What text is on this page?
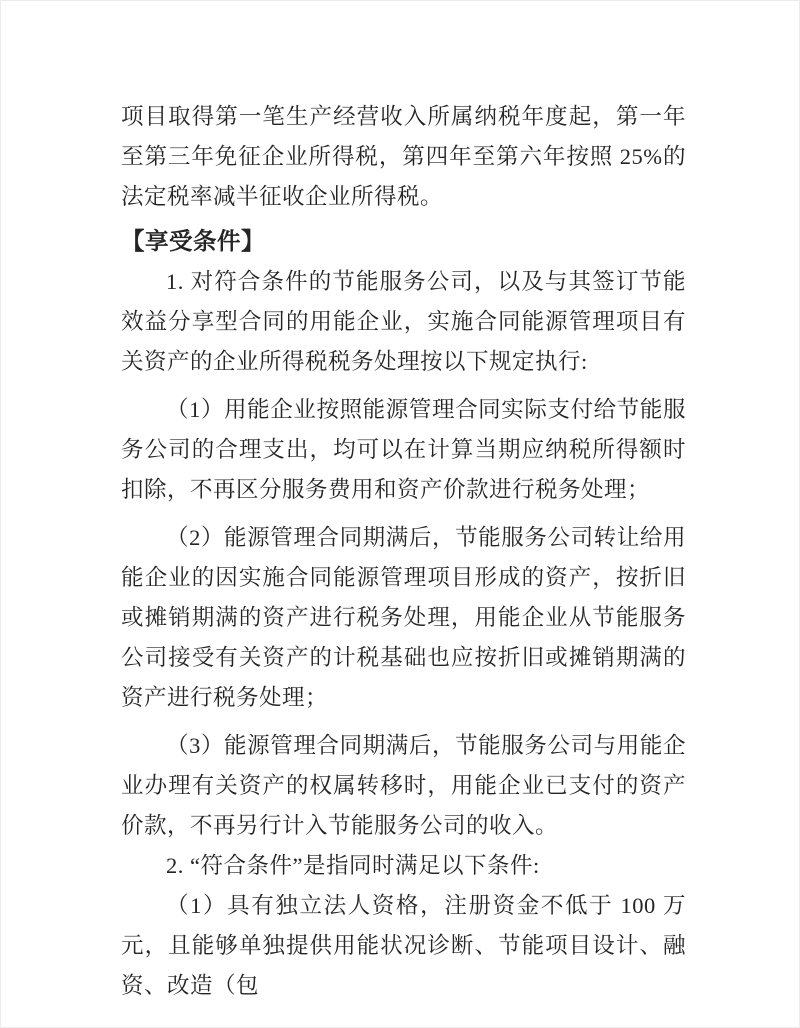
项目取得第一笔生产经营收入所属纳税年度起，第一年至第三年免征企业所得税，第四年至第六年按照 25%的法定税率减半征收企业所得税。

【享受条件】

1. 对符合条件的节能服务公司，以及与其签订节能效益分享型合同的用能企业，实施合同能源管理项目有关资产的企业所得税税务处理按以下规定执行:

（1）用能企业按照能源管理合同实际支付给节能服务公司的合理支出，均可以在计算当期应纳税所得额时扣除，不再区分服务费用和资产价款进行税务处理；

（2）能源管理合同期满后，节能服务公司转让给用能企业的因实施合同能源管理项目形成的资产，按折旧或摊销期满的资产进行税务处理，用能企业从节能服务公司接受有关资产的计税基础也应按折旧或摊销期满的资产进行税务处理；

（3）能源管理合同期满后，节能服务公司与用能企业办理有关资产的权属转移时，用能企业已支付的资产价款，不再另行计入节能服务公司的收入。

2. “符合条件”是指同时满足以下条件:

（1）具有独立法人资格，注册资金不低于 100 万元，且能够单独提供用能状况诊断、节能项目设计、融资、改造（包
